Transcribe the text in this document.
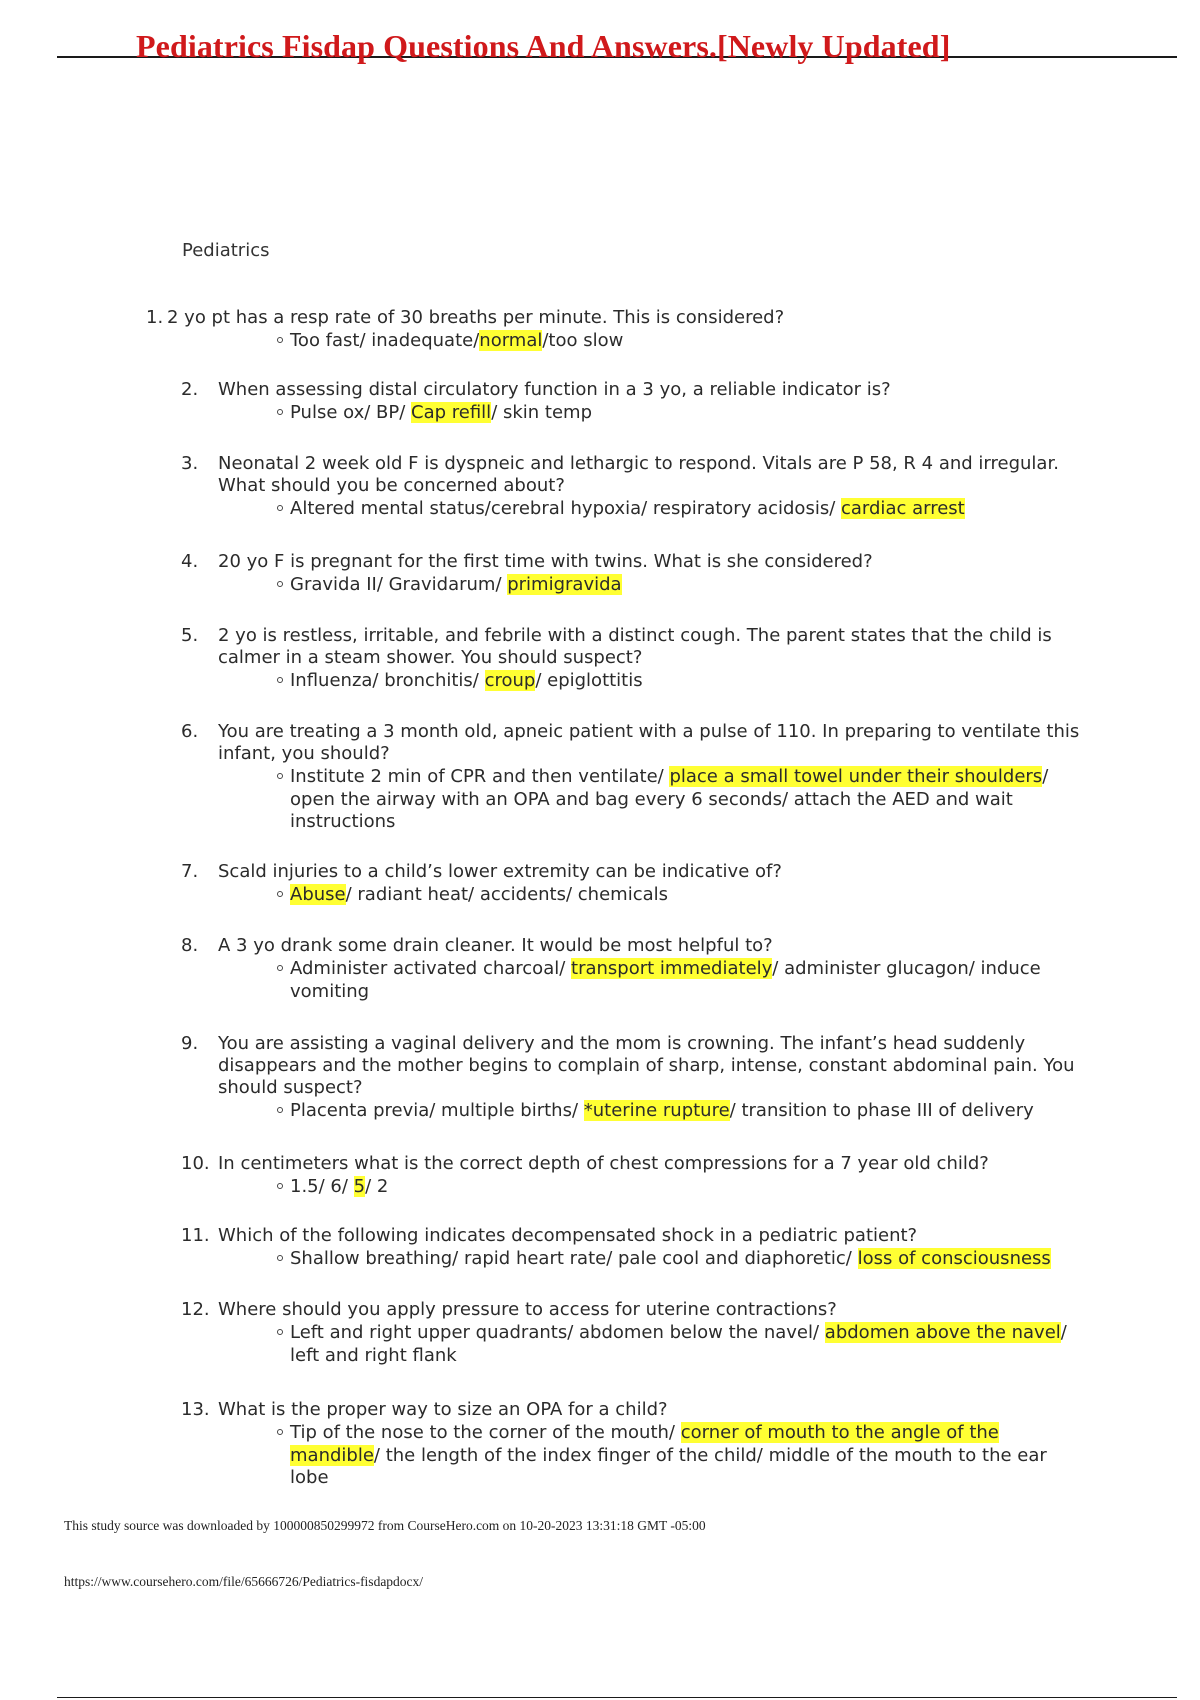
Pediatrics Fisdap Questions And Answers.[Newly Updated]
Pediatrics
1. 2 yo pt has a resp rate of 30 breaths per minute. This is considered?
Too fast/ inadequate/normal/too slow
2.	When assessing distal circulatory function in a 3 yo, a reliable indicator is?
Pulse ox/ BP/ Cap refill/ skin temp
3.	Neonatal 2 week old F is dyspneic and lethargic to respond. Vitals are P 58, R 4 and irregular. What should you be concerned about?
Altered mental status/cerebral hypoxia/ respiratory acidosis/ cardiac arrest
4.	20 yo F is pregnant for the first time with twins. What is she considered?
Gravida II/ Gravidarum/ primigravida
5.	2 yo is restless, irritable, and febrile with a distinct cough. The parent states that the child is calmer in a steam shower. You should suspect?
Influenza/ bronchitis/ croup/ epiglottitis
6.	You are treating a 3 month old, apneic patient with a pulse of 110. In preparing to ventilate this infant, you should?
Institute 2 min of CPR and then ventilate/ place a small towel under their shoulders/ open the airway with an OPA and bag every 6 seconds/ attach the AED and wait instructions
7.	Scald injuries to a child’s lower extremity can be indicative of?
Abuse/ radiant heat/ accidents/ chemicals
8.	A 3 yo drank some drain cleaner. It would be most helpful to?
Administer activated charcoal/ transport immediately/ administer glucagon/ induce vomiting
9.	You are assisting a vaginal delivery and the mom is crowning. The infant’s head suddenly disappears and the mother begins to complain of sharp, intense, constant abdominal pain. You should suspect?
Placenta previa/ multiple births/ *uterine rupture/ transition to phase III of delivery
10. In centimeters what is the correct depth of chest compressions for a 7 year old child?
1.5/ 6/ 5/ 2
11. Which of the following indicates decompensated shock in a pediatric patient?
Shallow breathing/ rapid heart rate/ pale cool and diaphoretic/ loss of consciousness
12. Where should you apply pressure to access for uterine contractions?
Left and right upper quadrants/ abdomen below the navel/ abdomen above the navel/ left and right flank
13. What is the proper way to size an OPA for a child?
Tip of the nose to the corner of the mouth/ corner of mouth to the angle of the mandible/ the length of the index finger of the child/ middle of the mouth to the ear lobe
This study source was downloaded by 100000850299972 from CourseHero.com on 10-20-2023 13:31:18 GMT -05:00
https://www.coursehero.com/file/65666726/Pediatrics-fisdapdocx/
